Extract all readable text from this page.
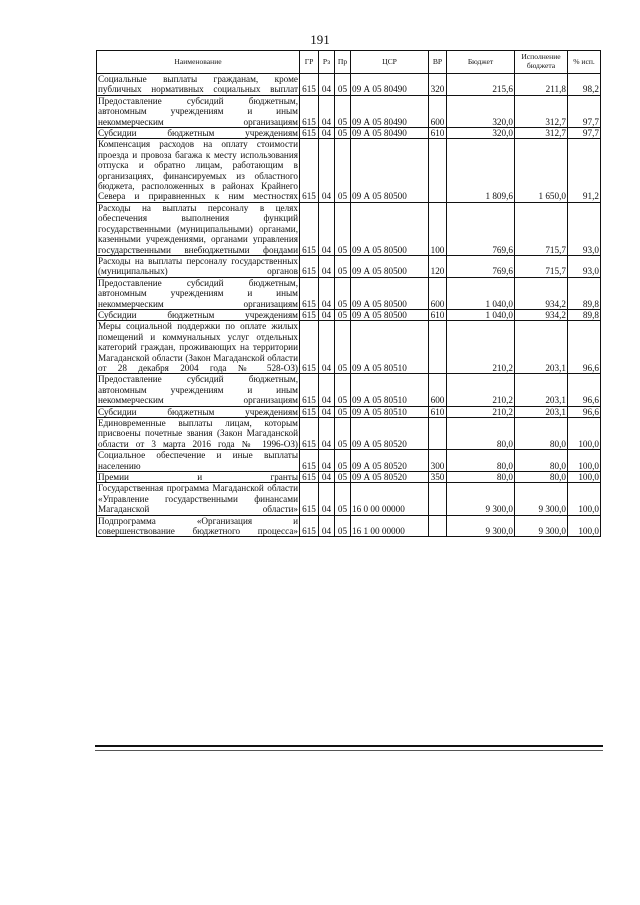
191
Наименование	ГР	Рз	Пр	ЦСР	ВР	Бюджет	Исполнение бюджета	% исп.
Социальные выплаты гражданам, кроме публичных нормативных социальных выплат	615	04	05	09 А 05 80490	320	215,6	211,8	98,2
Предоставление субсидий бюджетным, автономным учреждениям и иным некоммерческим организациям	615	04	05	09 А 05 80490	600	320,0	312,7	97,7
Субсидии бюджетным учреждениям	615	04	05	09 А 05 80490	610	320,0	312,7	97,7
Компенсация расходов на оплату стоимости проезда и провоза багажа к месту использования отпуска и обратно лицам, работающим в организациях, финансируемых из областного бюджета, расположенных в районах Крайнего Севера и приравненных к ним местностях	615	04	05	09 А 05 80500		1 809,6	1 650,0	91,2
Расходы на выплаты персоналу в целях обеспечения выполнения функций государственными (муниципальными) органами, казенными учреждениями, органами управления государственными внебюджетными фондами	615	04	05	09 А 05 80500	100	769,6	715,7	93,0
Расходы на выплаты персоналу государственных (муниципальных) органов	615	04	05	09 А 05 80500	120	769,6	715,7	93,0
Предоставление субсидий бюджетным, автономным учреждениям и иным некоммерческим организациям	615	04	05	09 А 05 80500	600	1 040,0	934,2	89,8
Субсидии бюджетным учреждениям	615	04	05	09 А 05 80500	610	1 040,0	934,2	89,8
Меры социальной поддержки по оплате жилых помещений и коммунальных услуг отдельных категорий граждан, проживающих на территории Магаданской области (Закон Магаданской области от 28 декабря 2004 года № 528-ОЗ)	615	04	05	09 А 05 80510		210,2	203,1	96,6
Предоставление субсидий бюджетным, автономным учреждениям и иным некоммерческим организациям	615	04	05	09 А 05 80510	600	210,2	203,1	96,6
Субсидии бюджетным учреждениям	615	04	05	09 А 05 80510	610	210,2	203,1	96,6
Единовременные выплаты лицам, которым присвоены почетные звания (Закон Магаданской области от 3 марта 2016 года № 1996-ОЗ)	615	04	05	09 А 05 80520		80,0	80,0	100,0
Социальное обеспечение и иные выплаты населению	615	04	05	09 А 05 80520	300	80,0	80,0	100,0
Премии и гранты	615	04	05	09 А 05 80520	350	80,0	80,0	100,0
Государственная программа Магаданской области «Управление государственными финансами Магаданской области»	615	04	05	16 0 00 00000		9 300,0	9 300,0	100,0
Подпрограмма «Организация и совершенствование бюджетного процесса»	615	04	05	16 1 00 00000		9 300,0	9 300,0	100,0
